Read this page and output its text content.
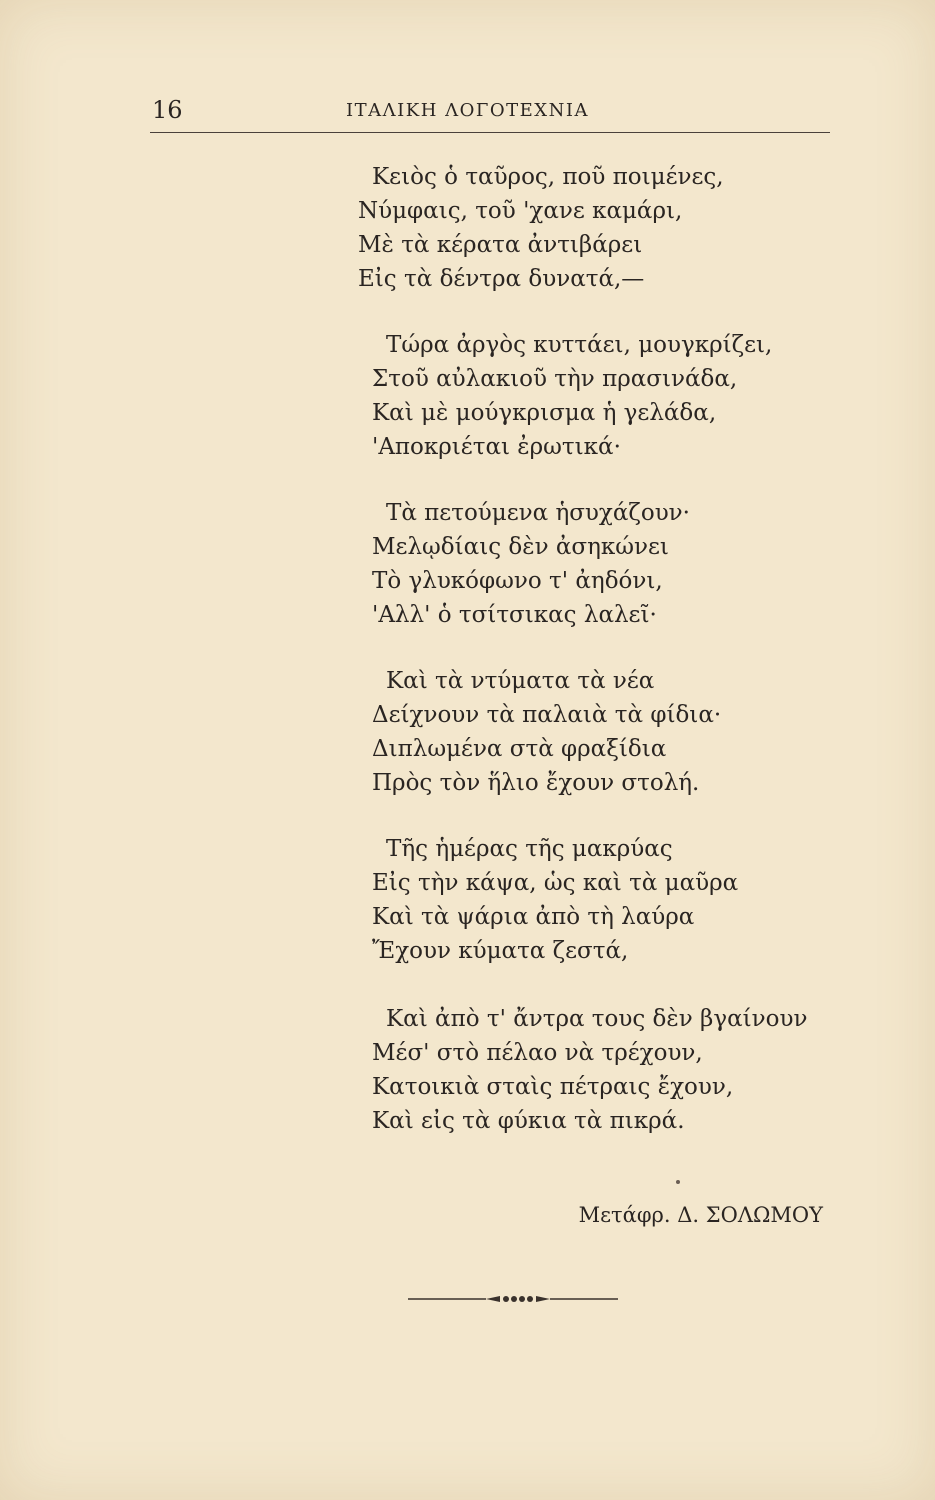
16	ΙΤΑΛΙΚΗ ΛΟΓΟΤΕΧΝΙΑ
Κειὸς ὁ ταῦρος, ποῦ ποιμένες,
Νύμφαις, τοῦ 'χανε καμάρι,
Μὲ τὰ κέρατα ἀντιβάρει
Εἰς τὰ δέντρα δυνατά,—
Τώρα ἀργὸς κυττάει, μουγκρίζει,
Στοῦ αὐλακιοῦ τὴν πρασινάδα,
Καὶ μὲ μούγκρισμα ἡ γελάδα,
'Αποκριέται ἐρωτικά·
Τὰ πετούμενα ἡσυχάζουν·
Μελῳδίαις δὲν ἀσηκώνει
Τὸ γλυκόφωνο τ' ἀηδόνι,
'Αλλ' ὁ τσίτσικας λαλεῖ·
Καὶ τὰ ντύματα τὰ νέα
Δείχνουν τὰ παλαιὰ τὰ φίδια·
Διπλωμένα στὰ φραξίδια
Πρὸς τὸν ἥλιο ἔχουν στολή.
Τῆς ἡμέρας τῆς μακρύας
Εἰς τὴν κάψα, ὡς καὶ τὰ μαῦρα
Καὶ τὰ ψάρια ἀπὸ τὴ λαύρα
Ἔχουν κύματα ζεστά,
Καὶ ἀπὸ τ' ἄντρα τους δὲν βγαίνουν
Μέσ' στὸ πέλαο νὰ τρέχουν,
Κατοικιὰ σταὶς πέτραις ἔχουν,
Καὶ εἰς τὰ φύκια τὰ πικρά.
Μετάφρ. Δ. ΣΟΛΩΜΟΥ
